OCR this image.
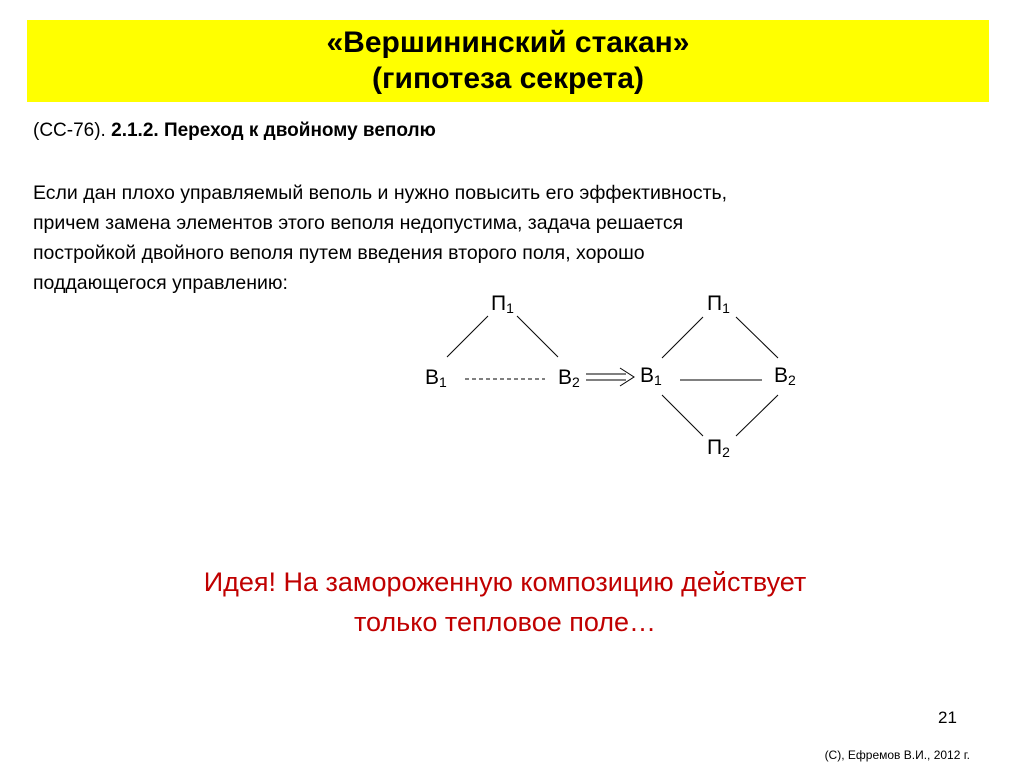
«Вершининский стакан»
(гипотеза секрета)
(СС-76). 2.1.2. Переход к двойному веполю
Если дан плохо управляемый веполь и нужно повысить его эффективность,
причем замена элементов этого веполя недопустима, задача решается
постройкой двойного веполя путем введения второго поля, хорошо
поддающегося управлению:
$П_1$
$В_1$	$В_2$
$П_1$
$В_1$	$В_2$
$П_2$
Идея! На замороженную композицию действует
только тепловое поле…
21
(С), Ефремов В.И., 2012 г.
